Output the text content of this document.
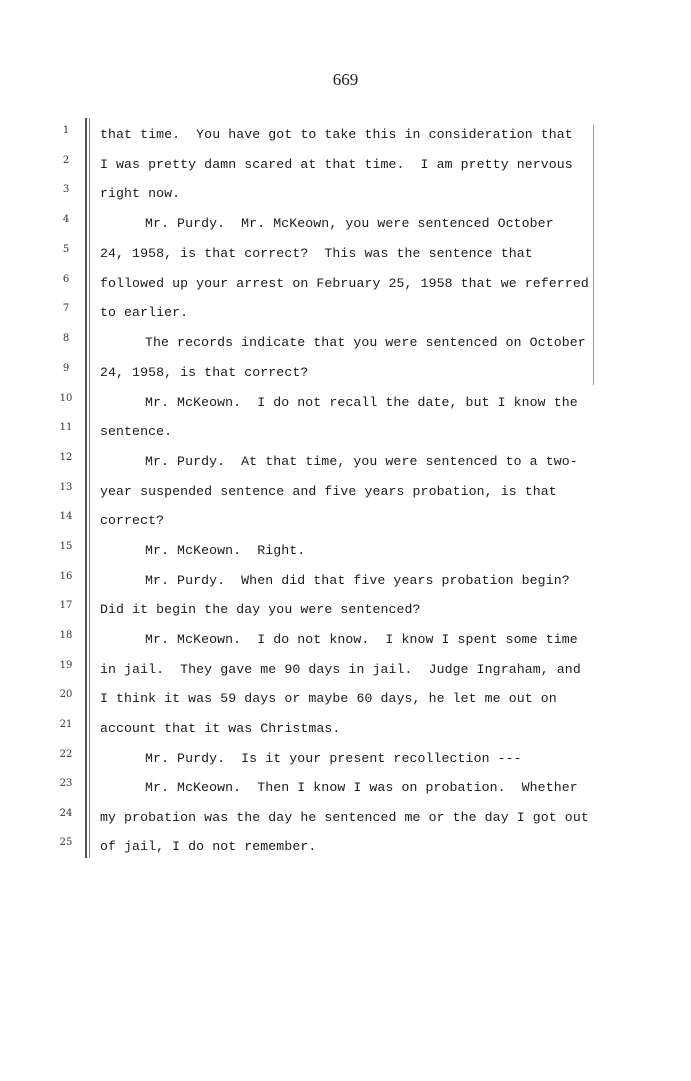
669
1	that time.  You have got to take this in consideration that
2	I was pretty damn scared at that time.  I am pretty nervous
3	right now.
4	Mr. Purdy.  Mr. McKeown, you were sentenced October
5	24, 1958, is that correct?  This was the sentence that
6	followed up your arrest on February 25, 1958 that we referred
7	to earlier.
8	The records indicate that you were sentenced on October
9	24, 1958, is that correct?
10	Mr. McKeown.  I do not recall the date, but I know the
11 sentence.
12	Mr. Purdy.  At that time, you were sentenced to a two-
13 year suspended sentence and five years probation, is that
14 correct?
15	Mr. McKeown.  Right.
16	Mr. Purdy.  When did that five years probation begin?
17 Did it begin the day you were sentenced?
18	Mr. McKeown.  I do not know.  I know I spent some time
19 in jail.  They gave me 90 days in jail.  Judge Ingraham, and
20 I think it was 59 days or maybe 60 days, he let me out on
21 account that it was Christmas.
22	Mr. Purdy.  Is it your present recollection ---
23	Mr. McKeown.  Then I know I was on probation.  Whether
24 my probation was the day he sentenced me or the day I got out
25 of jail, I do not remember.
